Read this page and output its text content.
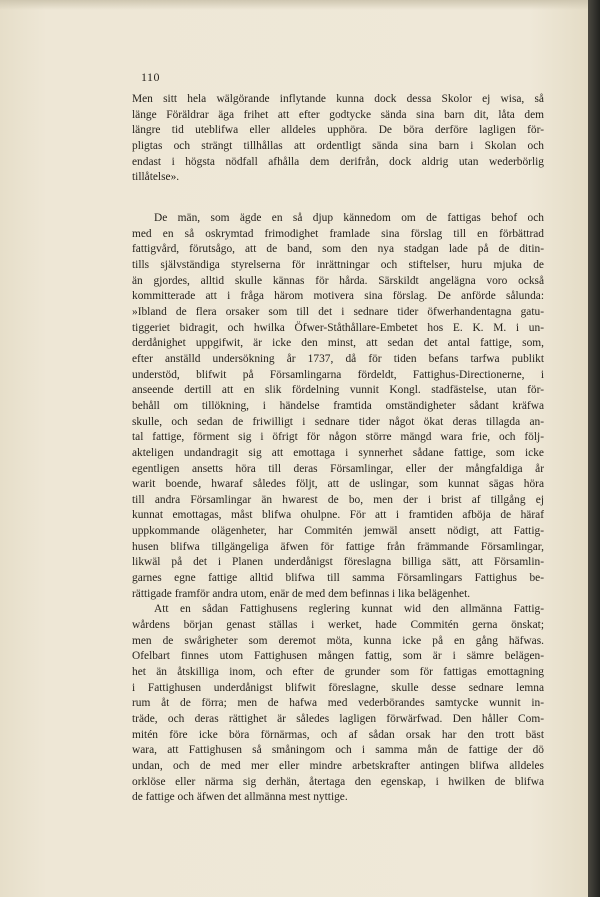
110
Men sitt hela wälgörande inflytande kunna dock dessa Skolor ej wisa, så
länge Föräldrar äga frihet att efter godtycke sända sina barn dit, låta dem
längre tid uteblifwa eller alldeles upphöra. De böra derföre lagligen för-
pligtas och strängt tillhållas att ordentligt sända sina barn i Skolan och
endast i högsta nödfall afhålla dem derifrån, dock aldrig utan wederbörlig
tillåtelse».
De män, som ägde en så djup kännedom om de fattigas behof och
med en så oskrymtad frimodighet framlade sina förslag till en förbättrad
fattigvård, förutsågo, att de band, som den nya stadgan lade på de ditin-
tills självständiga styrelserna för inrättningar och stiftelser, huru mjuka de
än gjordes, alltid skulle kännas för hårda. Särskildt angelägna voro också
kommitterade att i fråga härom motivera sina förslag. De anförde sålunda:
»Ibland de flera orsaker som till det i sednare tider öfwerhandentagna gatu-
tiggeriet bidragit, och hwilka Öfwer-Ståthållare-Embetet hos E. K. M. i un-
derdånighet uppgifwit, är icke den minst, att sedan det antal fattige, som,
efter anställd undersökning år 1737, då för tiden befans tarfwa publikt
understöd, blifwit på Församlingarna fördeldt, Fattighus-Directionerne, i
anseende dertill att en slik fördelning vunnit Kongl. stadfästelse, utan för-
behåll om tillökning, i händelse framtida omständigheter sådant kräfwa
skulle, och sedan de friwilligt i sednare tider något ökat deras tillagda an-
tal fattige, förment sig i öfrigt för någon större mängd wara frie, och följ-
akteligen undandragit sig att emottaga i synnerhet sådane fattige, som icke
egentligen ansetts höra till deras Församlingar, eller der mångfaldiga år
warit boende, hwaraf således följt, att de uslingar, som kunnat sägas höra
till andra Församlingar än hwarest de bo, men der i brist af tillgång ej
kunnat emottagas, måst blifwa ohulpne. För att i framtiden afböja de häraf
uppkommande olägenheter, har Commitén jemwäl ansett nödigt, att Fattig-
husen blifwa tillgängeliga äfwen för fattige från främmande Församlingar,
likwäl på det i Planen underdånigst föreslagna billiga sätt, att Församlin-
garnes egne fattige alltid blifwa till samma Församlingars Fattighus be-
rättigade framför andra utom, enär de med dem befinnas i lika belägenhet.
Att en sådan Fattighusens reglering kunnat wid den allmänna Fattig-
wårdens början genast ställas i werket, hade Commitén gerna önskat;
men de swårigheter som deremot möta, kunna icke på en gång häfwas.
Ofelbart finnes utom Fattighusen mången fattig, som är i sämre belägen-
het än åtskilliga inom, och efter de grunder som för fattigas emottagning
i Fattighusen underdånigst blifwit föreslagne, skulle desse sednare lemna
rum åt de förra; men de hafwa med vederbörandes samtycke wunnit in-
träde, och deras rättighet är således lagligen förwärfwad. Den håller Com-
mitén före icke böra förnärmas, och af sådan orsak har den trott bäst
wara, att Fattighusen så småningom och i samma mån de fattige der dö
undan, och de med mer eller mindre arbetskrafter antingen blifwa alldeles
orklöse eller närma sig derhän, återtaga den egenskap, i hwilken de blifwa
de fattige och äfwen det allmänna mest nyttige.
